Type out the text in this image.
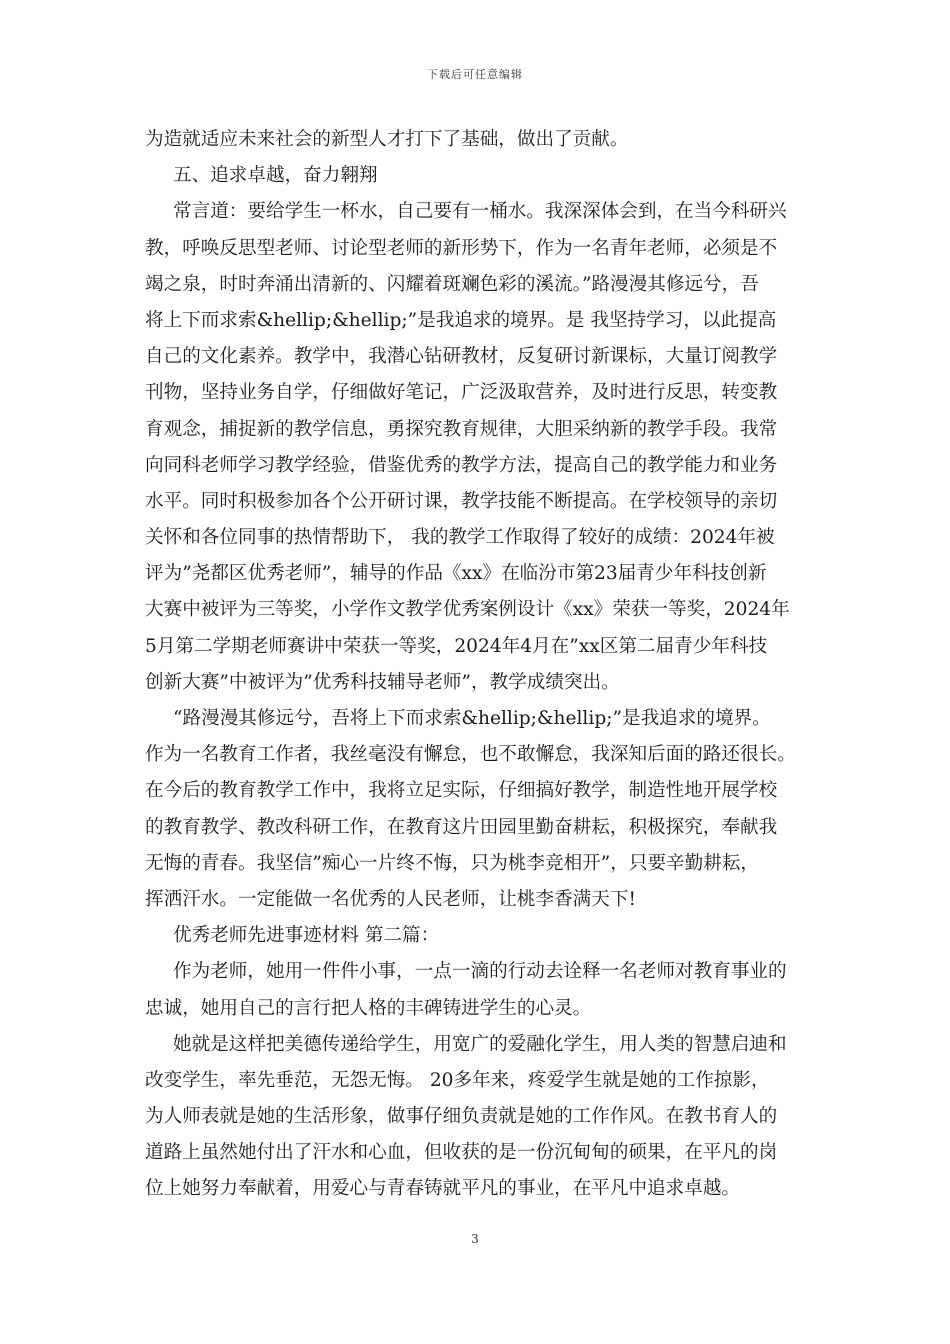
下载后可任意编辑
为造就适应未来社会的新型人才打下了基础，做出了贡献。
五、追求卓越，奋力翱翔
常言道：要给学生一杯水，自己要有一桶水。我深深体会到，在当今科研兴
教，呼唤反思型老师、讨论型老师的新形势下，作为一名青年老师，必须是不
竭之泉，时时奔涌出清新的、闪耀着斑斓色彩的溪流。”路漫漫其修远兮，吾
将上下而求索&hellip;&hellip;”是我追求的境界。是 我坚持学习，以此提高
自己的文化素养。教学中，我潜心钻研教材，反复研讨新课标，大量订阅教学
刊物，坚持业务自学，仔细做好笔记，广泛汲取营养，及时进行反思，转变教
育观念，捕捉新的教学信息，勇探究教育规律，大胆采纳新的教学手段。我常
向同科老师学习教学经验，借鉴优秀的教学方法，提高自己的教学能力和业务
水平。同时积极参加各个公开研讨课，教学技能不断提高。在学校领导的亲切
关怀和各位同事的热情帮助下， 我的教学工作取得了较好的成绩：2024年被
评为”尧都区优秀老师”，辅导的作品《xx》在临汾市第23届青少年科技创新
大赛中被评为三等奖，小学作文教学优秀案例设计《xx》荣获一等奖，2024年
5月第二学期老师赛讲中荣获一等奖，2024年4月在”xx区第二届青少年科技
创新大赛”中被评为”优秀科技辅导老师”，教学成绩突出。
“路漫漫其修远兮，吾将上下而求索&hellip;&hellip;”是我追求的境界。
作为一名教育工作者，我丝毫没有懈怠，也不敢懈怠，我深知后面的路还很长。
在今后的教育教学工作中，我将立足实际，仔细搞好教学，制造性地开展学校
的教育教学、教改科研工作，在教育这片田园里勤奋耕耘，积极探究，奉献我
无悔的青春。我坚信”痴心一片终不悔，只为桃李竞相开”，只要辛勤耕耘，
挥洒汗水。一定能做一名优秀的人民老师，让桃李香满天下!
优秀老师先进事迹材料 第二篇：
作为老师，她用一件件小事，一点一滴的行动去诠释一名老师对教育事业的
忠诚，她用自己的言行把人格的丰碑铸进学生的心灵。
她就是这样把美德传递给学生，用宽广的爱融化学生，用人类的智慧启迪和
改变学生，率先垂范，无怨无悔。 20多年来，疼爱学生就是她的工作掠影，
为人师表就是她的生活形象，做事仔细负责就是她的工作作风。在教书育人的
道路上虽然她付出了汗水和心血，但收获的是一份沉甸甸的硕果，在平凡的岗
位上她努力奉献着，用爱心与青春铸就平凡的事业，在平凡中追求卓越。
3
